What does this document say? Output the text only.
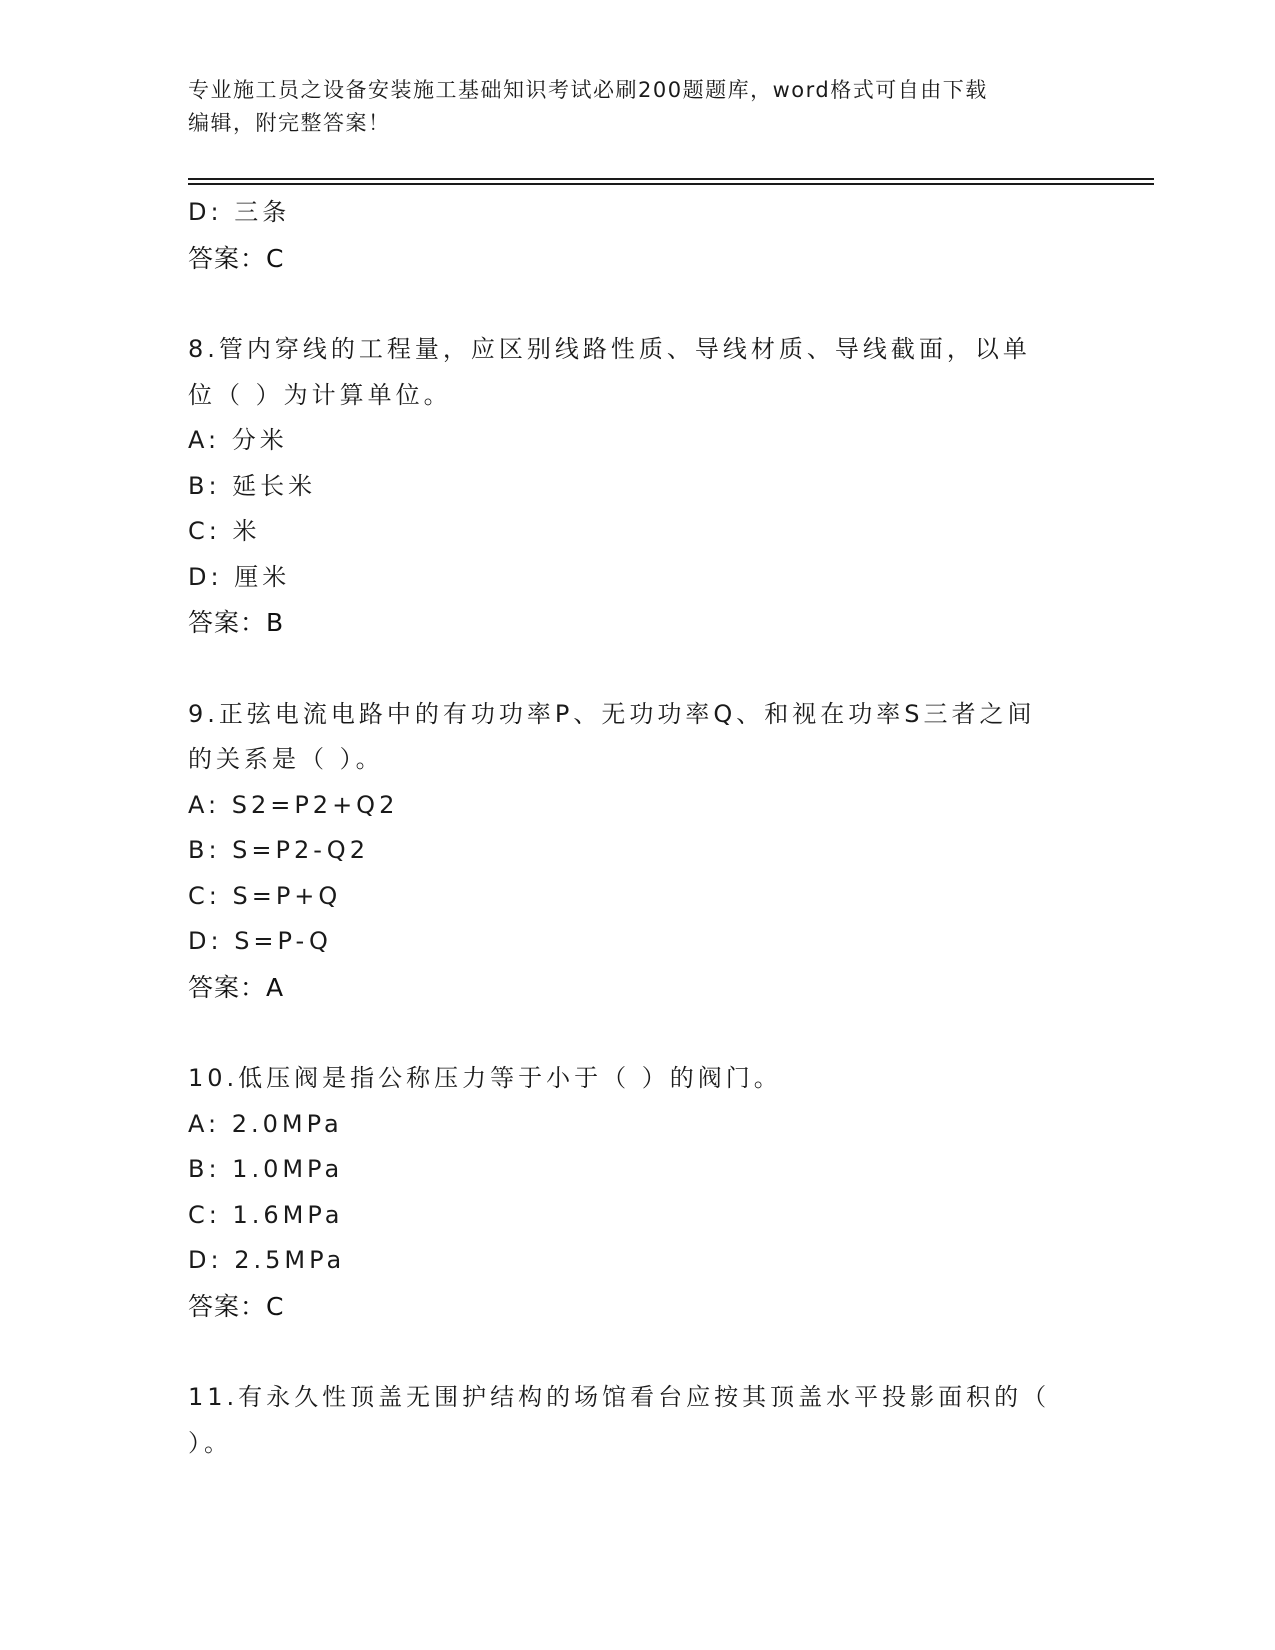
专业施工员之设备安装施工基础知识考试必刷200题题库，word格式可自由下载
编辑，附完整答案！
D: 三条
答案：C
8.管内穿线的工程量，应区别线路性质、导线材质、导线截面，以单
位（ ）为计算单位。
A: 分米
B: 延长米
C: 米
D: 厘米
答案：B
9.正弦电流电路中的有功功率P、无功功率Q、和视在功率S三者之间
的关系是（ ）。
A: S2=P2+Q2
B: S=P2-Q2
C: S=P+Q
D: S=P-Q
答案：A
10.低压阀是指公称压力等于小于（ ）的阀门。
A: 2.0MPa
B: 1.0MPa
C: 1.6MPa
D: 2.5MPa
答案：C
11.有永久性顶盖无围护结构的场馆看台应按其顶盖水平投影面积的（
）。
